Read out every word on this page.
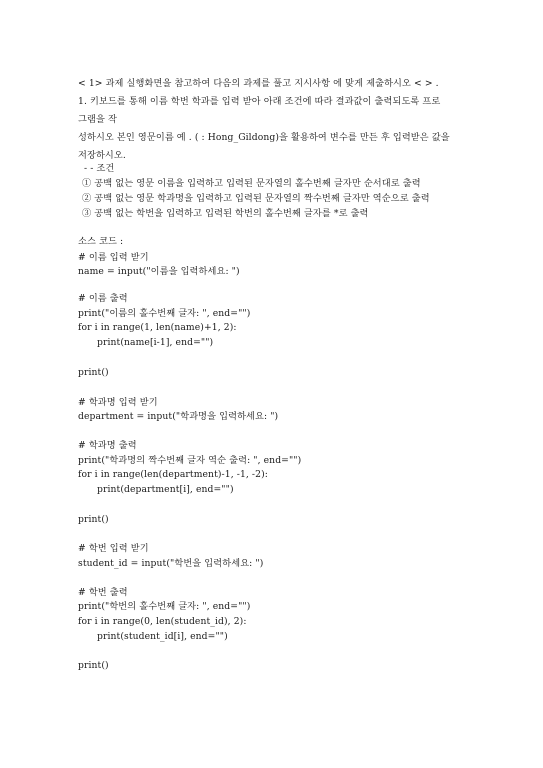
< 1> 과제 실행화면을 참고하여 다음의 과제를 풀고 지시사항 에 맞게 제출하시오 < > .
1. 키보드를 통해 이름 학번 학과를 입력 받아 아래 조건에 따라 결과값이 출력되도록 프로
그램을 작
성하시오 본인 영문이름 예 . ( : Hong_Gildong)을 활용하여 변수를 만든 후 입력받은 값을
저장하시오.
- - 조건
① 공백 없는 영문 이름을 입력하고 입력된 문자열의 홀수번째 글자만 순서대로 출력
② 공백 없는 영문 학과명을 입력하고 입력된 문자열의 짝수번째 글자만 역순으로 출력
③ 공백 없는 학번을 입력하고 입력된 학번의 홀수번째 글자를 *로 출력
소스 코드 :
# 이름 입력 받기
name = input("이름을 입력하세요: ")
# 이름 출력
print("이름의 홀수번째 글자: ", end="")
for i in range(1, len(name)+1, 2):
print(name[i-1], end="")
print()
# 학과명 입력 받기
department = input("학과명을 입력하세요: ")
# 학과명 출력
print("학과명의 짝수번째 글자 역순 출력: ", end="")
for i in range(len(department)-1, -1, -2):
print(department[i], end="")
print()
# 학번 입력 받기
student_id = input("학번을 입력하세요: ")
# 학번 출력
print("학번의 홀수번째 글자: ", end="")
for i in range(0, len(student_id), 2):
print(student_id[i], end="")
print()
